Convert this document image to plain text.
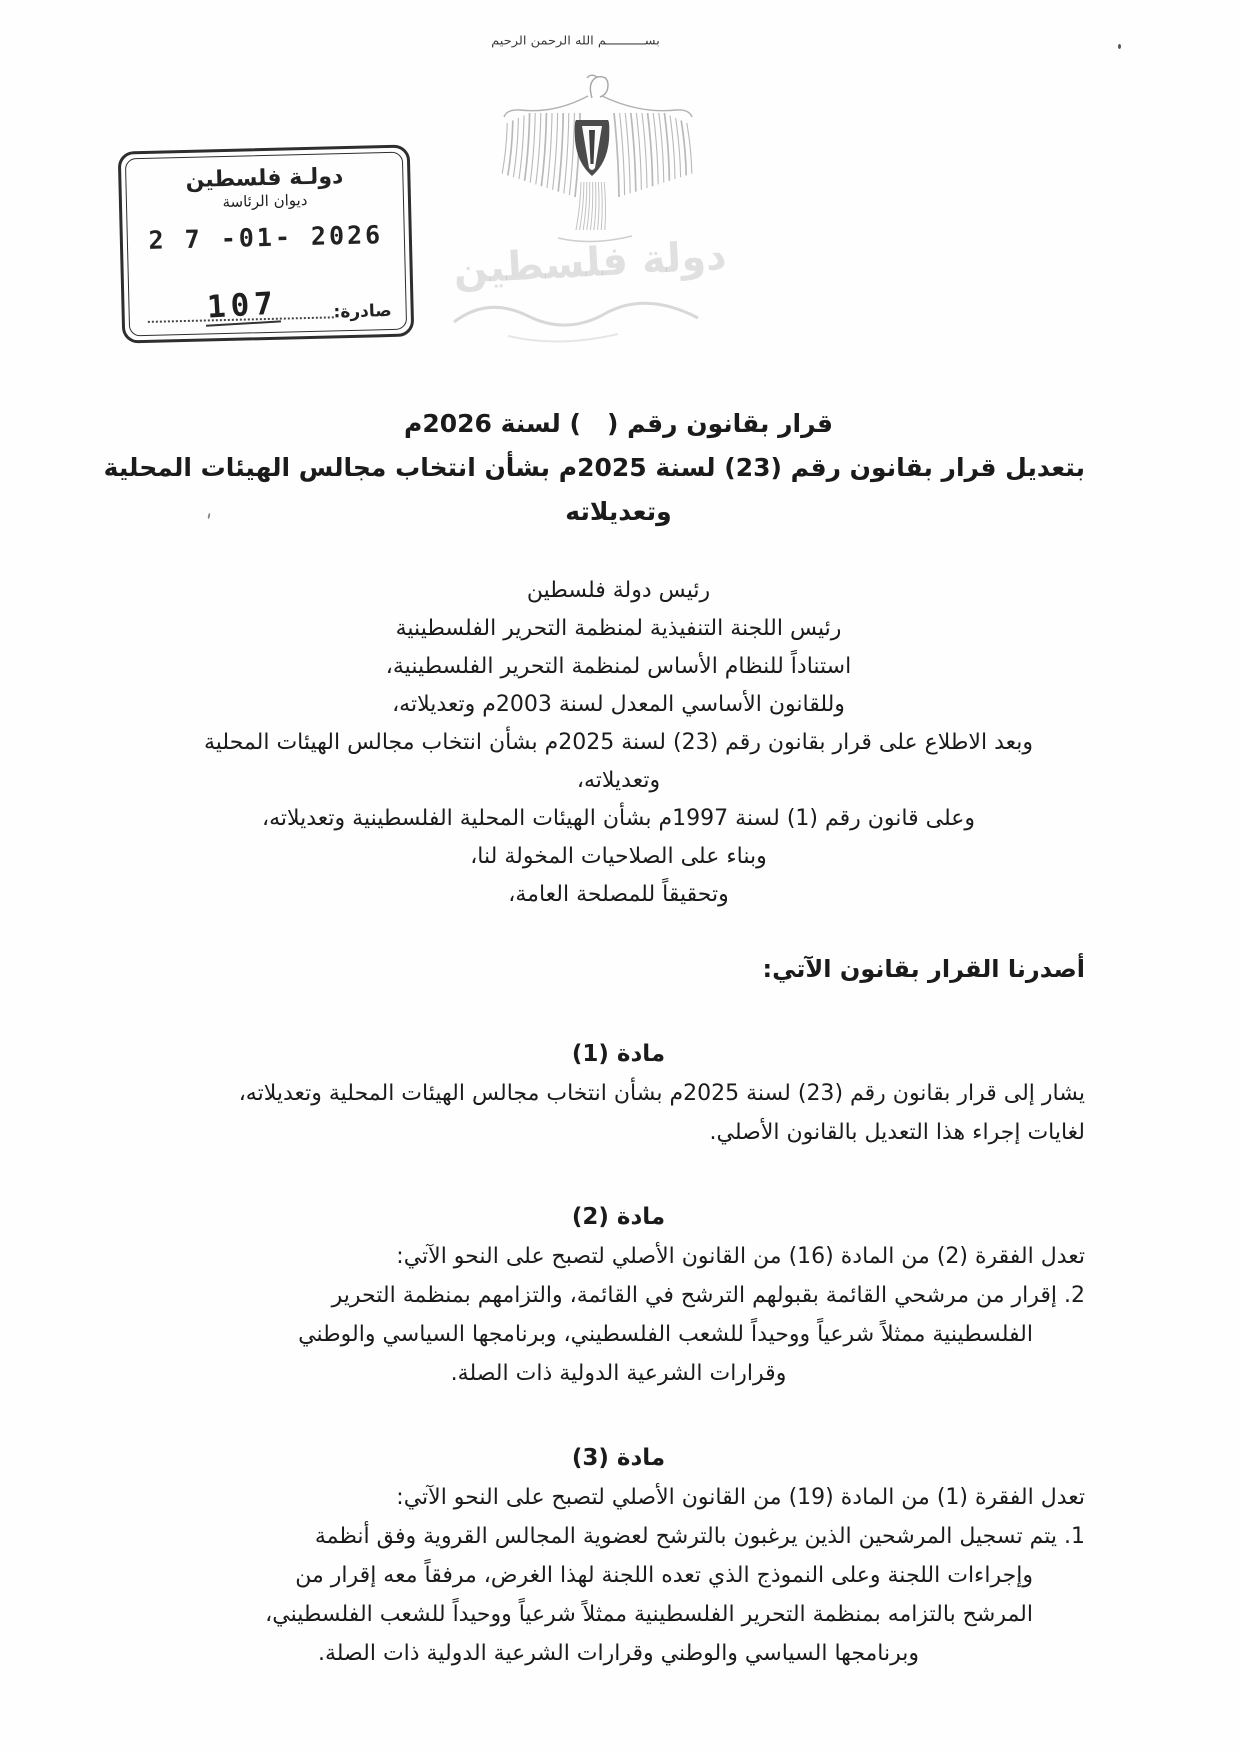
دولـة فلسطين
ديوان الرئاسة
2 7 -01- 2026
صادرة:
107
بســــــــــم الله الرحمن الرحيم
دولة فلسطين
قرار بقانون رقم (   ) لسنة 2026م
بتعديل قرار بقانون رقم (23) لسنة 2025م بشأن انتخاب مجالس الهيئات المحلية
وتعديلاته
رئيس دولة فلسطين
رئيس اللجنة التنفيذية لمنظمة التحرير الفلسطينية
استناداً للنظام الأساس لمنظمة التحرير الفلسطينية،
وللقانون الأساسي المعدل لسنة 2003م وتعديلاته،
وبعد الاطلاع على قرار بقانون رقم (23) لسنة 2025م بشأن انتخاب مجالس الهيئات المحلية
وتعديلاته،
وعلى قانون رقم (1) لسنة 1997م بشأن الهيئات المحلية الفلسطينية وتعديلاته،
وبناء على الصلاحيات المخولة لنا،
وتحقيقاً للمصلحة العامة،
أصدرنا القرار بقانون الآتي:
مادة (1)
يشار إلى قرار بقانون رقم (23) لسنة 2025م بشأن انتخاب مجالس الهيئات المحلية وتعديلاته،
لغايات إجراء هذا التعديل بالقانون الأصلي.
مادة (2)
تعدل الفقرة (2) من المادة (16) من القانون الأصلي لتصبح على النحو الآتي:
2. إقرار من مرشحي القائمة بقبولهم الترشح في القائمة، والتزامهم بمنظمة التحرير
الفلسطينية ممثلاً شرعياً ووحيداً للشعب الفلسطيني، وبرنامجها السياسي والوطني
وقرارات الشرعية الدولية ذات الصلة.
مادة (3)
تعدل الفقرة (1) من المادة (19) من القانون الأصلي لتصبح على النحو الآتي:
1. يتم تسجيل المرشحين الذين يرغبون بالترشح لعضوية المجالس القروية وفق أنظمة
وإجراءات اللجنة وعلى النموذج الذي تعده اللجنة لهذا الغرض، مرفقاً معه إقرار من
المرشح بالتزامه بمنظمة التحرير الفلسطينية ممثلاً شرعياً ووحيداً للشعب الفلسطيني،
وبرنامجها السياسي والوطني وقرارات الشرعية الدولية ذات الصلة.
